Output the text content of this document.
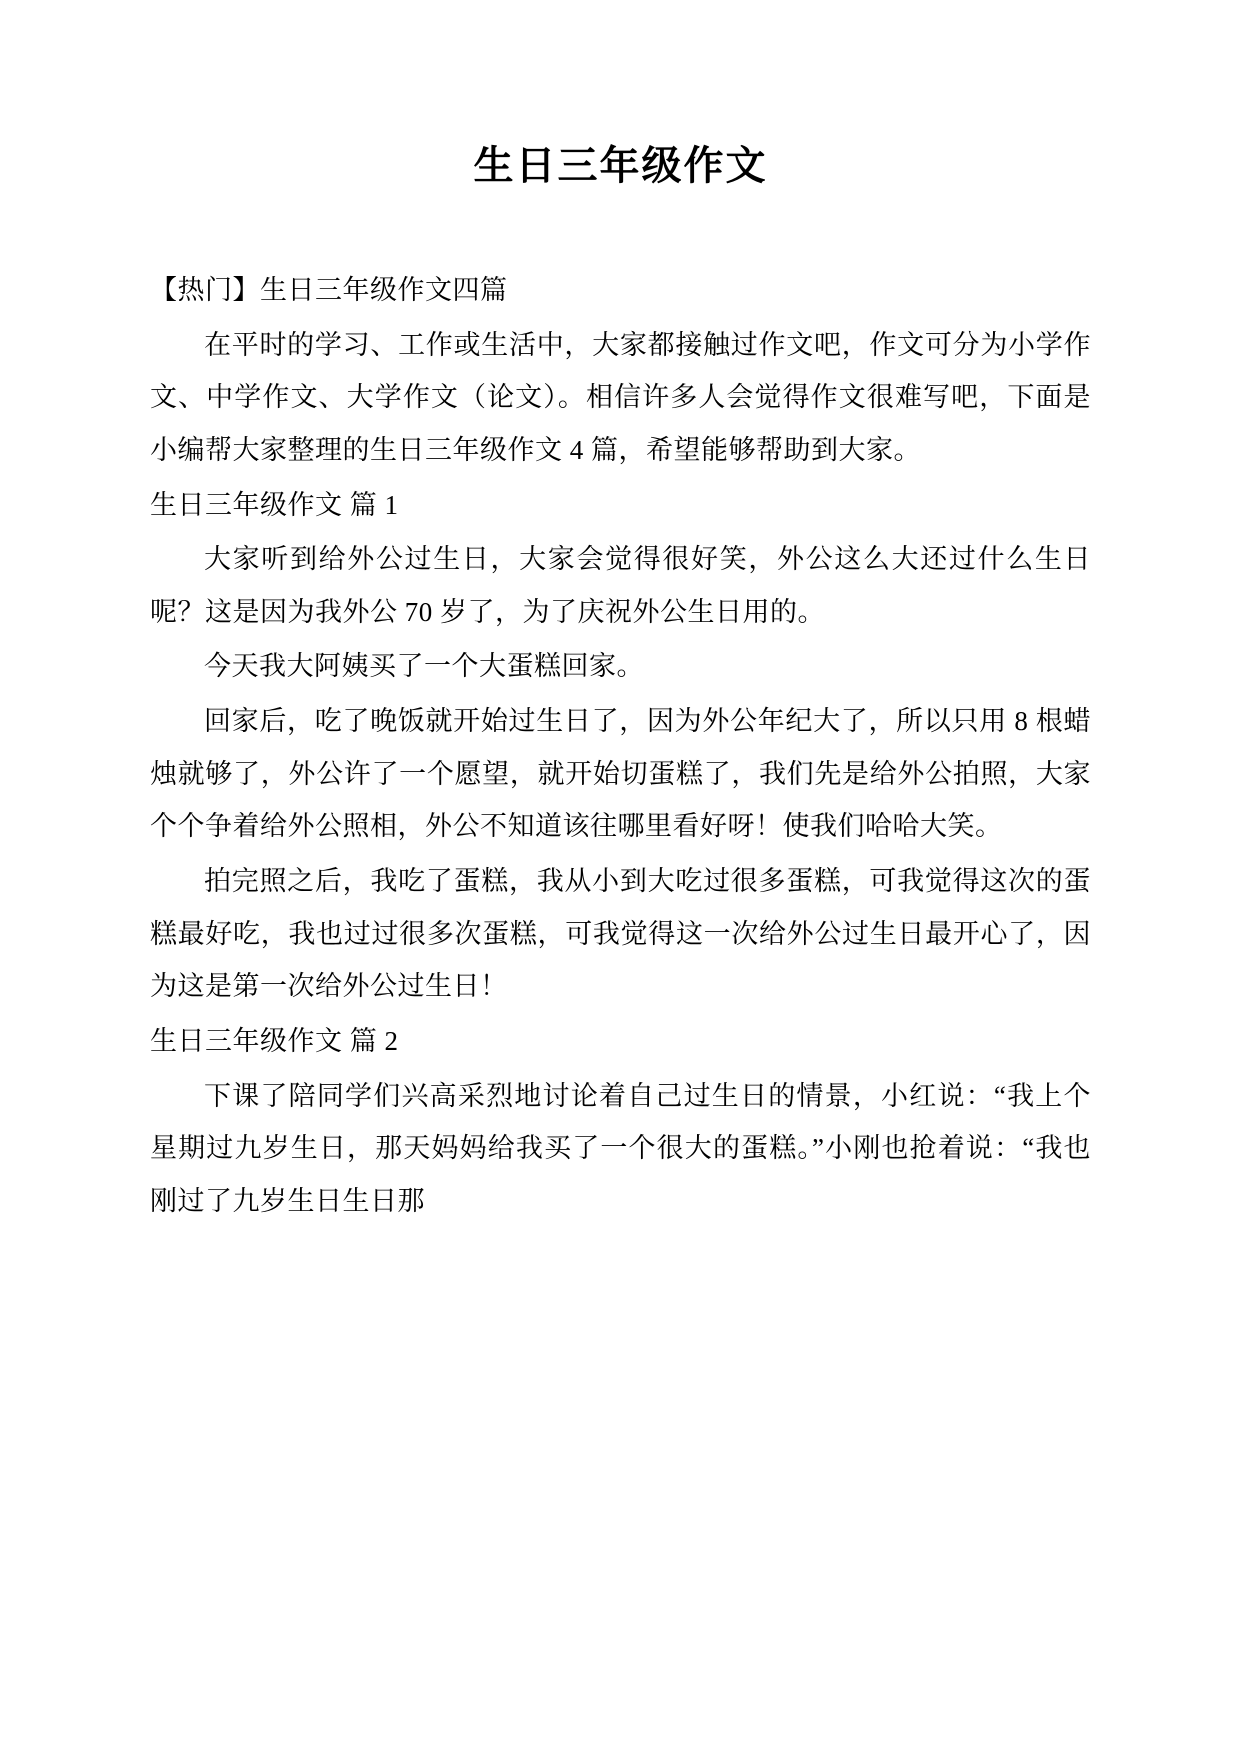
生日三年级作文

【热门】生日三年级作文四篇

在平时的学习、工作或生活中，大家都接触过作文吧，作文可分为小学作文、中学作文、大学作文（论文）。相信许多人会觉得作文很难写吧，下面是小编帮大家整理的生日三年级作文 4 篇，希望能够帮助到大家。

生日三年级作文 篇 1

大家听到给外公过生日，大家会觉得很好笑，外公这么大还过什么生日呢？这是因为我外公 70 岁了，为了庆祝外公生日用的。

今天我大阿姨买了一个大蛋糕回家。

回家后，吃了晚饭就开始过生日了，因为外公年纪大了，所以只用 8 根蜡烛就够了，外公许了一个愿望，就开始切蛋糕了，我们先是给外公拍照，大家个个争着给外公照相，外公不知道该往哪里看好呀！使我们哈哈大笑。

拍完照之后，我吃了蛋糕，我从小到大吃过很多蛋糕，可我觉得这次的蛋糕最好吃，我也过过很多次蛋糕，可我觉得这一次给外公过生日最开心了，因为这是第一次给外公过生日！

生日三年级作文 篇 2

下课了陪同学们兴高采烈地讨论着自己过生日的情景，小红说：“我上个星期过九岁生日，那天妈妈给我买了一个很大的蛋糕。”小刚也抢着说：“我也刚过了九岁生日生日那
